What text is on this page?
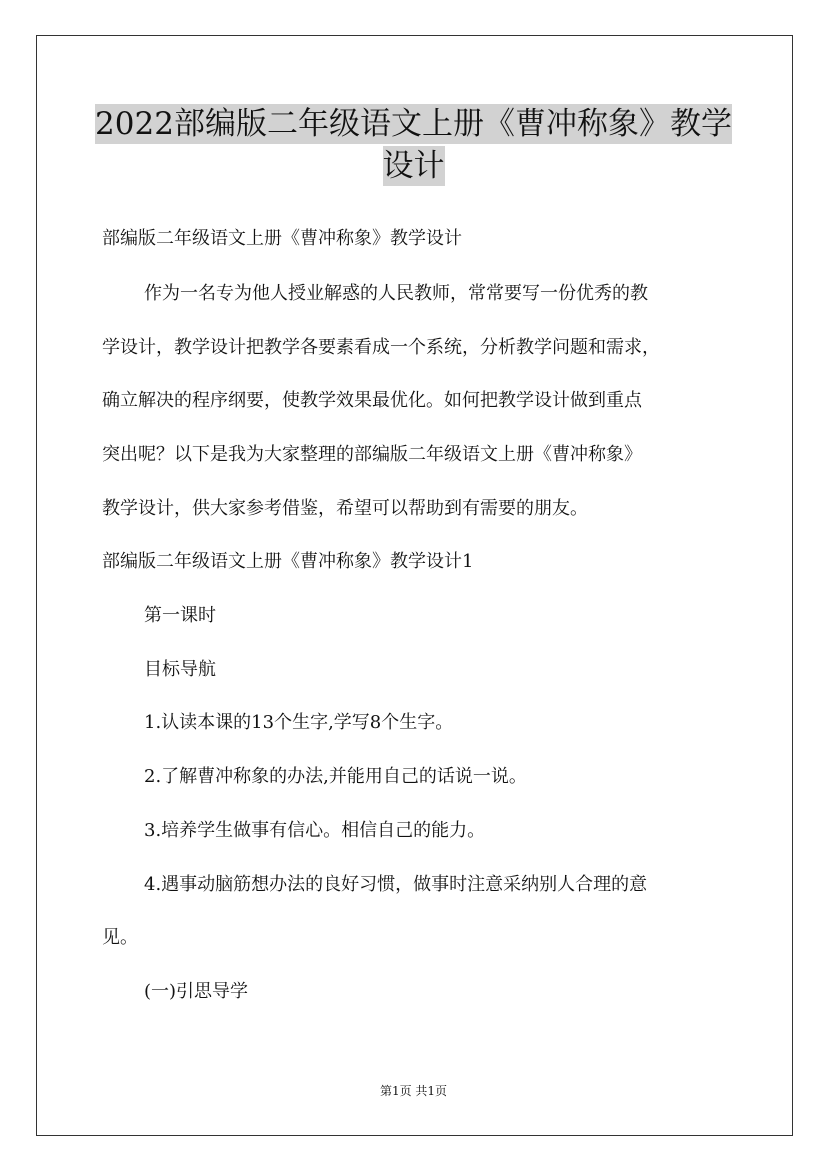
2022部编版二年级语文上册《曹冲称象》教学
设计
部编版二年级语文上册《曹冲称象》教学设计
作为一名专为他人授业解惑的人民教师，常常要写一份优秀的教
学设计，教学设计把教学各要素看成一个系统，分析教学问题和需求，
确立解决的程序纲要，使教学效果最优化。如何把教学设计做到重点
突出呢？以下是我为大家整理的部编版二年级语文上册《曹冲称象》
教学设计，供大家参考借鉴，希望可以帮助到有需要的朋友。
部编版二年级语文上册《曹冲称象》教学设计1
第一课时
目标导航
1.认读本课的13个生字,学写8个生字。
2.了解曹冲称象的办法,并能用自己的话说一说。
3.培养学生做事有信心。相信自己的能力。
4.遇事动脑筋想办法的良好习惯，做事时注意采纳别人合理的意
见。
(一)引思导学
第1页 共1页
